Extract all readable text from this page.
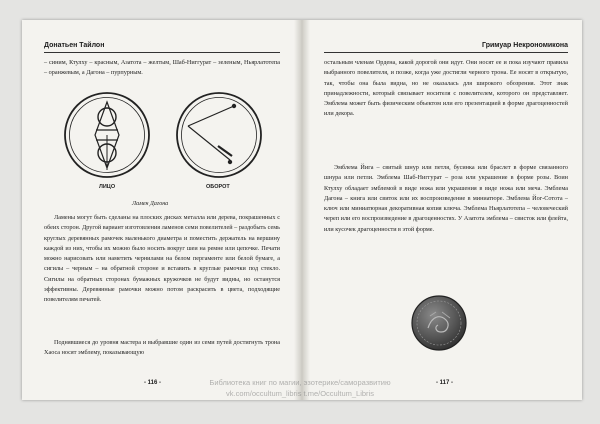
Донатьен Тайлон

– синим, Ктулху – красным, Азатота – желтым, Шаб-Ниггурат – зеленым, Ньярлатотепа – оранжевым, а Дагона – пурпурным.

ЛИЦО	ОБОРОТ
Ламен Дагона

Ламены могут быть сделаны на плоских дисках металла или дерева, покрашенных с обеих сторон. Другой вариант изготовления ламенов семи повелителей – раздобыть семь круглых деревянных рамочек маленького диаметра и поместить держатель на вершину каждой из них, чтобы их можно было носить вокруг шеи на ремне или цепочке. Печати можно нарисовать или наметить чернилами на белом пергаменте или белой бумаге, а сигилы – черным – на обратной стороне и вставить в круглые рамочки под стекло. Сигилы на обратных сторонах бумажных кружочков не будут видны, но останутся эффективны. Деревянные рамочки можно потом раскрасить в цвета, подходящие повелителям печатей.

Поднявшиеся до уровня мастера и выбравшие один из семи путей достигнуть трона Хаоса носят эмблему, показывающую

- 116 -
Гримуар Некрономикона

остальным членам Ордена, какой дорогой они идут. Они носят ее и пока изучают правила выбранного повелителя, и позже, когда уже достигли черного трона. Ее носят в открытую, так, чтобы она была видна, но не оказалась для широкого обозрения. Этот знак принадлежности, который связывает носителя с повелителем, которого он представляет. Эмблема может быть физическим объектом или его презентацией в форме драгоценностей или декора.

Эмблема Йига – свитый шнур или петля, бусинка или браслет в форме связанного шнура или петли. Эмблема Шаб-Ниггурат – роза или украшение в форме розы. Воин Ктулху обладает эмблемой в виде ножа или украшения в виде ножа или меча. Эмблема Дагона – книга или свиток или их воспроизведение в миниатюре. Эмблема Йог-Сотота – ключ или миниатюрная декоративная копия ключа. Эмблема Ньярлатотепа – человеческий череп или его воспроизведение в драгоценностях. У Азатота эмблема – свисток или флейта, или кусочек драгоценности в этой форме.

- 117 -
Библиотека книг по магии, эзотерике/саморазвитию
vk.com/occultum_libris t.me/Occultum_Libris
